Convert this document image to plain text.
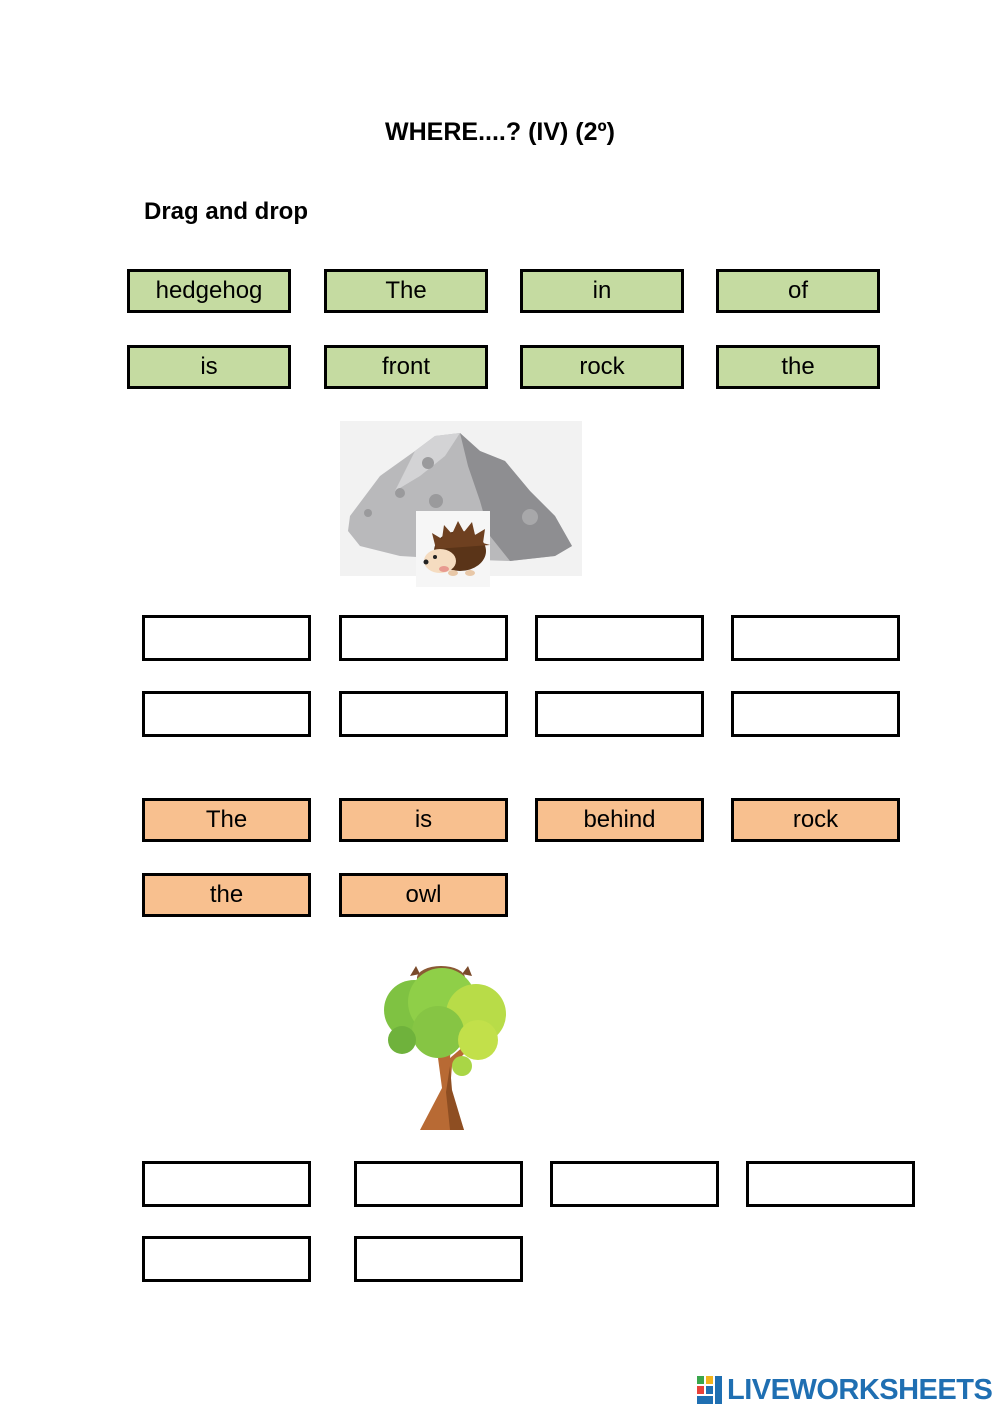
WHERE....? (IV) (2º)
Drag and drop
hedgehog	The	in	of
is	front	rock	the
The	is	behind	rock
the	owl
LIVEWORKSHEETS
